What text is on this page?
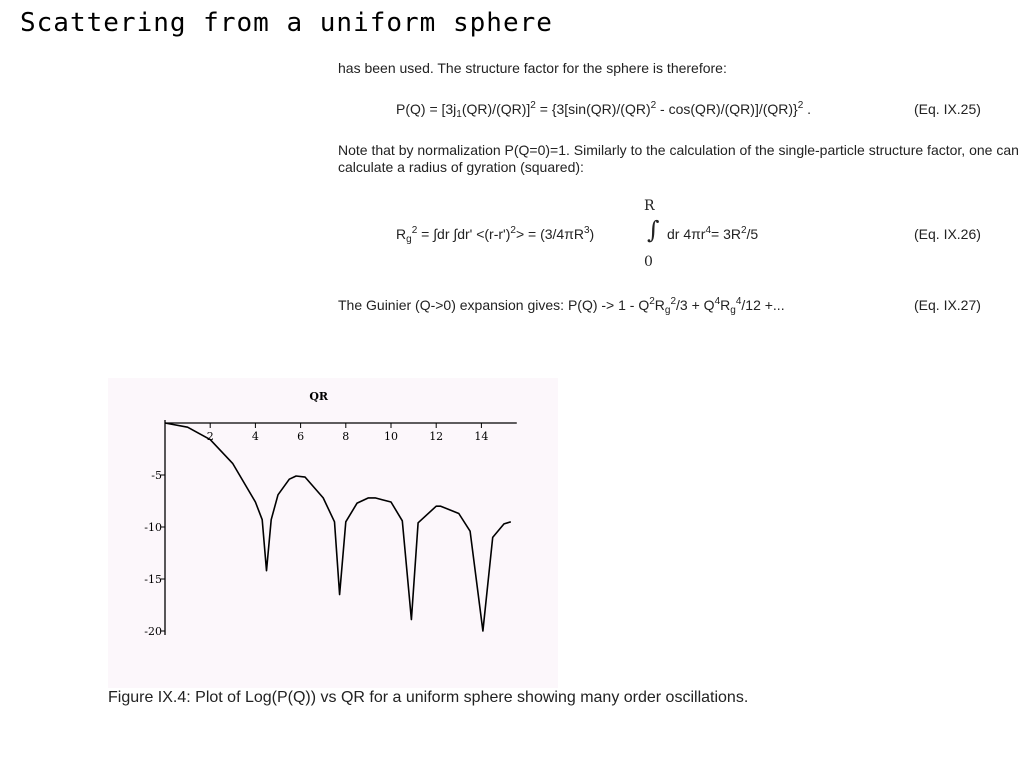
Scattering from a uniform sphere
has been used. The structure factor for the sphere is therefore:
$P(Q) = [3j_1(QR)/(QR)]^2 = \{3[\sin(QR)/(QR)^2 - \cos(QR)/(QR)]/(QR)\}^2$ .	(Eq. IX.25)
Note that by normalization P(Q=0)=1. Similarly to the calculation of the single-particle structure factor, one can calculate a radius of gyration (squared):
$R_g^2 = \int dr$ $\int dr' <(r-r')^2> = (3/4\pi R^3)$
R
∫
0
dr $4\pi r^4= 3R^2/5$	(Eq. IX.26)
The Guinier (Q->0) expansion gives: $P(Q) -> 1 - Q^2R_g^2/3 + Q^4R_g^4/12$ +...	(Eq. IX.27)
QR
2	4	6	8	10	12	14
-5
-10
-15
-20
Figure IX.4: Plot of Log(P(Q)) vs QR for a uniform sphere showing many order oscillations.
